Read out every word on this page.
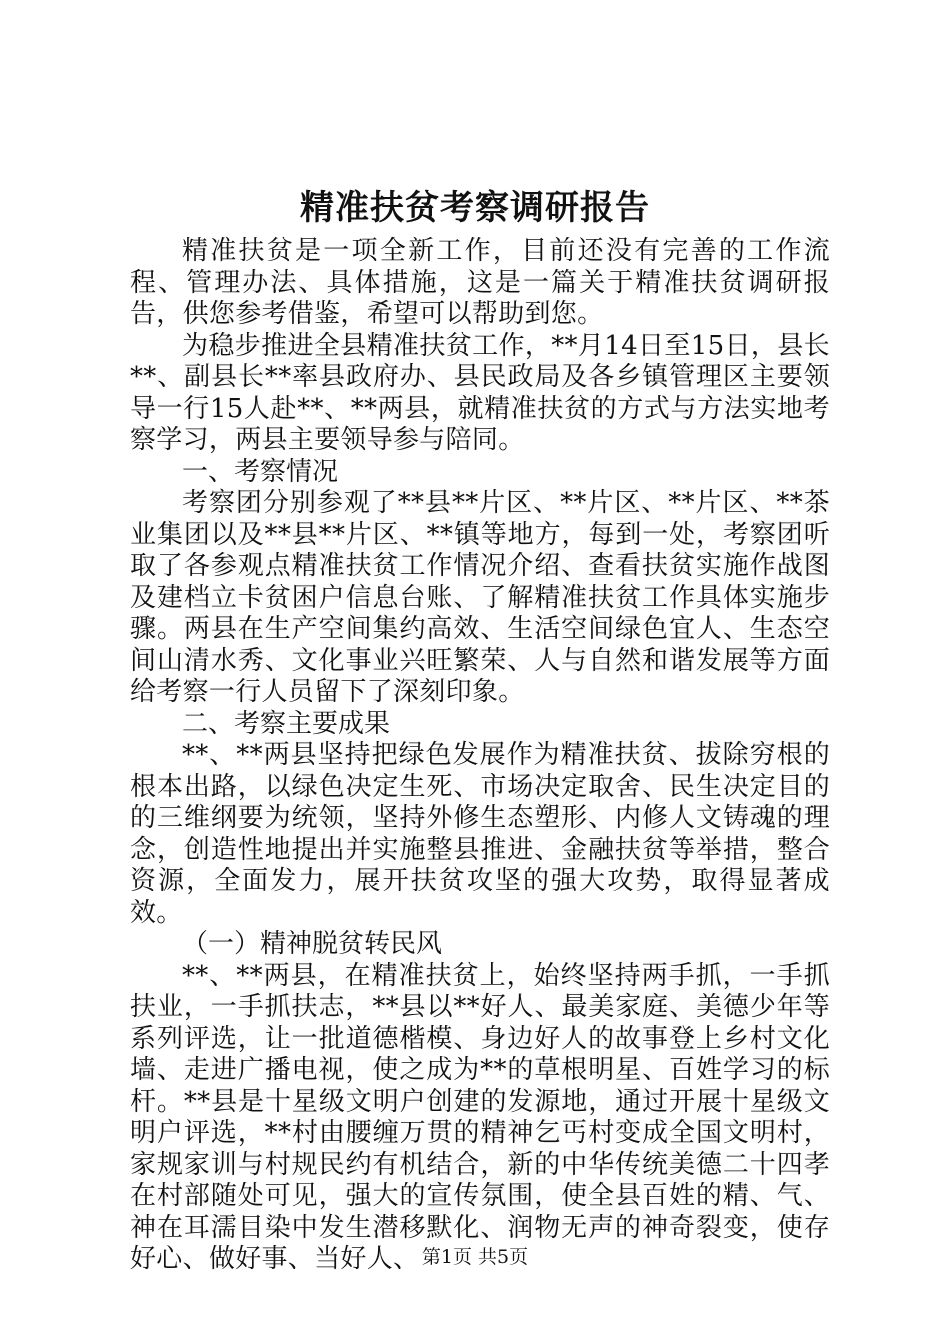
精准扶贫考察调研报告

精准扶贫是一项全新工作，目前还没有完善的工作流程、管理办法、具体措施，这是一篇关于精准扶贫调研报告，供您参考借鉴，希望可以帮助到您。

为稳步推进全县精准扶贫工作，**月14日至15日，县长**、副县长**率县政府办、县民政局及各乡镇管理区主要领导一行15人赴**、**两县，就精准扶贫的方式与方法实地考察学习，两县主要领导参与陪同。

一、考察情况

考察团分别参观了**县**片区、**片区、**片区、**茶业集团以及**县**片区、**镇等地方，每到一处，考察团听取了各参观点精准扶贫工作情况介绍、查看扶贫实施作战图及建档立卡贫困户信息台账、了解精准扶贫工作具体实施步骤。两县在生产空间集约高效、生活空间绿色宜人、生态空间山清水秀、文化事业兴旺繁荣、人与自然和谐发展等方面给考察一行人员留下了深刻印象。

二、考察主要成果

**、**两县坚持把绿色发展作为精准扶贫、拔除穷根的根本出路，以绿色决定生死、市场决定取舍、民生决定目的的三维纲要为统领，坚持外修生态塑形、内修人文铸魂的理念，创造性地提出并实施整县推进、金融扶贫等举措，整合资源，全面发力，展开扶贫攻坚的强大攻势，取得显著成效。

（一）精神脱贫转民风

**、**两县，在精准扶贫上，始终坚持两手抓，一手抓扶业，一手抓扶志，**县以**好人、最美家庭、美德少年等系列评选，让一批道德楷模、身边好人的故事登上乡村文化墙、走进广播电视，使之成为**的草根明星、百姓学习的标杆。**县是十星级文明户创建的发源地，通过开展十星级文明户评选，**村由腰缠万贯的精神乞丐村变成全国文明村，家规家训与村规民约有机结合，新的中华传统美德二十四孝在村部随处可见，强大的宣传氛围，使全县百姓的精、气、神在耳濡目染中发生潜移默化、润物无声的神奇裂变，使存好心、做好事、当好人、 第1页 共5页
